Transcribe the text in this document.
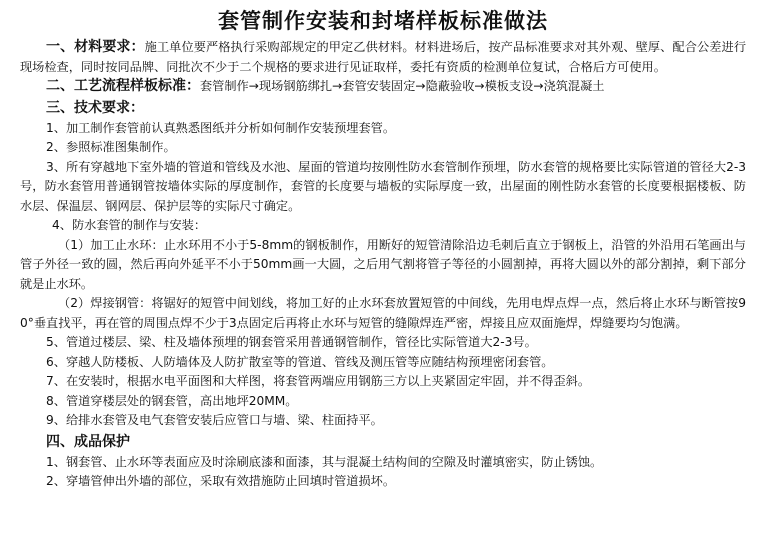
套管制作安装和封堵样板标准做法

一、材料要求：施工单位要严格执行采购部规定的甲定乙供材料。材料进场后，按产品标准要求对其外观、壁厚、配合公差进行现场检查，同时按同品牌、同批次不少于二个规格的要求进行见证取样，委托有资质的检测单位复试，合格后方可使用。

二、工艺流程样板标准：套管制作→现场钢筋绑扎→套管安装固定→隐蔽验收→模板支设→浇筑混凝土

三、技术要求：

1、加工制作套管前认真熟悉图纸并分析如何制作安装预埋套管。

2、参照标准图集制作。

3、所有穿越地下室外墙的管道和管线及水池、屋面的管道均按刚性防水套管制作预埋，防水套管的规格要比实际管道的管径大2-3号，防水套管用普通钢管按墙体实际的厚度制作，套管的长度要与墙板的实际厚度一致，出屋面的刚性防水套管的长度要根据楼板、防水层、保温层、钢网层、保护层等的实际尺寸确定。

4、防水套管的制作与安装：

（1）加工止水环：止水环用不小于5-8mm的钢板制作，用断好的短管清除沿边毛刺后直立于钢板上，沿管的外沿用石笔画出与管子外径一致的圆，然后再向外延平不小于50mm画一大圆，之后用气割将管子等径的小圆割掉，再将大圆以外的部分割掉，剩下部分就是止水环。

（2）焊接钢管：将锯好的短管中间划线，将加工好的止水环套放置短管的中间线，先用电焊点焊一点，然后将止水环与断管按90°垂直找平，再在管的周围点焊不少于3点固定后再将止水环与短管的缝隙焊连严密，焊接且应双面施焊，焊缝要均匀饱满。

5、管道过楼层、梁、柱及墙体预埋的钢套管采用普通钢管制作，管径比实际管道大2-3号。

6、穿越人防楼板、人防墙体及人防扩散室等的管道、管线及测压管等应随结构预埋密闭套管。

7、在安装时，根据水电平面图和大样图，将套管两端应用钢筋三方以上夹紧固定牢固，并不得歪斜。

8、管道穿楼层处的钢套管，高出地坪20MM。

9、给排水套管及电气套管安装后应管口与墙、梁、柱面持平。

四、成品保护

1、钢套管、止水环等表面应及时涂刷底漆和面漆，其与混凝土结构间的空隙及时灌填密实，防止锈蚀。

2、穿墙管伸出外墙的部位，采取有效措施防止回填时管道损坏。
